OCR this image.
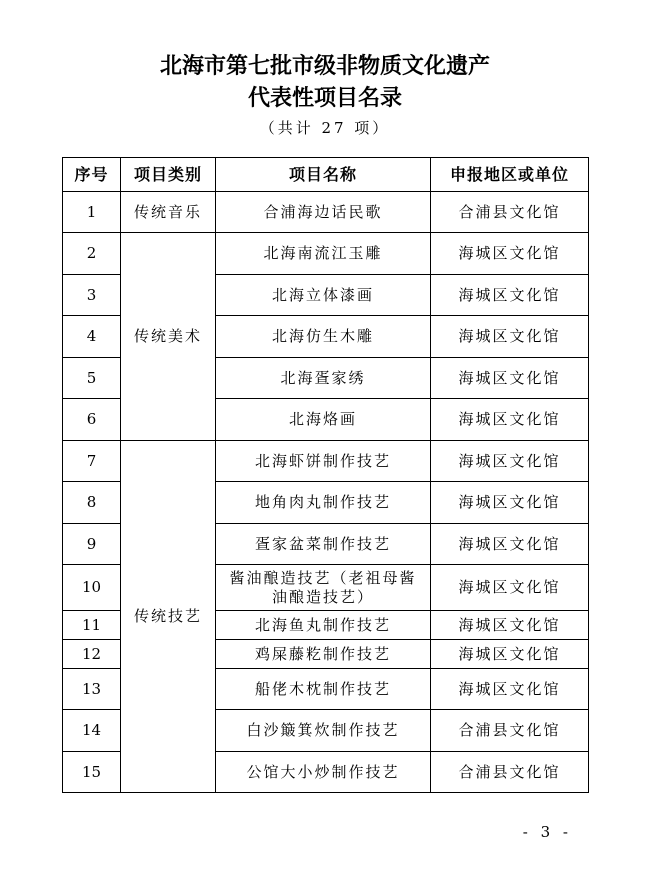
北海市第七批市级非物质文化遗产
代表性项目名录
（共计 27 项）
序号	项目类别	项目名称	申报地区或单位
1	传统音乐	合浦海边话民歌	合浦县文化馆
2	传统美术	北海南流江玉雕	海城区文化馆
3		北海立体漆画	海城区文化馆
4		北海仿生木雕	海城区文化馆
5		北海疍家绣	海城区文化馆
6		北海烙画	海城区文化馆
7	传统技艺	北海虾饼制作技艺	海城区文化馆
8		地角肉丸制作技艺	海城区文化馆
9		疍家盆菜制作技艺	海城区文化馆
10		酱油酿造技艺（老祖母酱油酿造技艺）	海城区文化馆
11		北海鱼丸制作技艺	海城区文化馆
12		鸡屎藤籺制作技艺	海城区文化馆
13		船佬木枕制作技艺	海城区文化馆
14		白沙簸箕炊制作技艺	合浦县文化馆
15		公馆大小炒制作技艺	合浦县文化馆
- 3 -
